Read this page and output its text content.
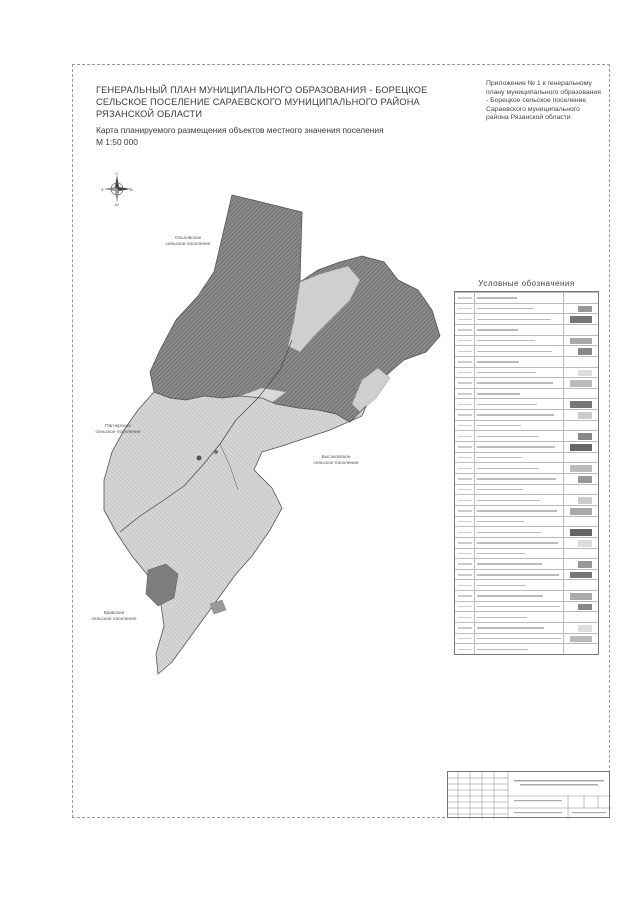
ГЕНЕРАЛЬНЫЙ ПЛАН МУНИЦИПАЛЬНОГО ОБРАЗОВАНИЯ - БОРЕЦКОЕ СЕЛЬСКОЕ ПОСЕЛЕНИЕ САРАЕВСКОГО МУНИЦИПАЛЬНОГО РАЙОНА РЯЗАНСКОЙ ОБЛАСТИ
Приложение № 1 к генеральному плану муниципального образования - Борецкое сельское поселение Сараевского муниципального района Рязанской области
Карта планируемого размещения объектов местного значения поселения
М 1:50 000
С
Ю
З	В
Ольховское
сельское поселение
Пагнерское
сельское поселение
Высоковское
сельское поселение
Кривское
сельское поселение
Условные обозначения
